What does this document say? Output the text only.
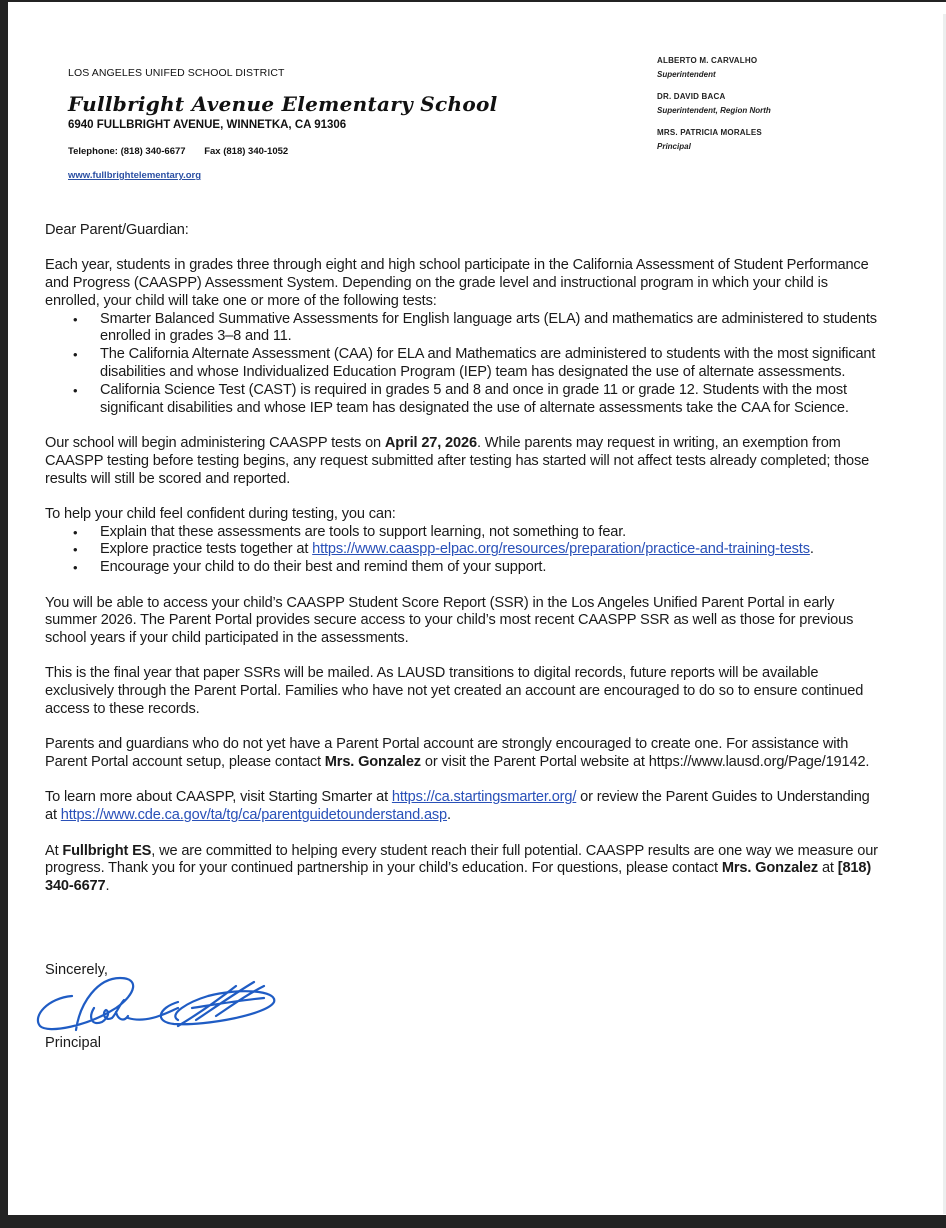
LOS ANGELES UNIFED SCHOOL DISTRICT
Fullbright Avenue Elementary School
6940 FULLBRIGHT AVENUE, WINNETKA, CA 91306
Telephone: (818) 340-6677 Fax (818) 340-1052
www.fullbrightelementary.org
ALBERTO M. CARVALHO
Superintendent
DR. DAVID BACA
Superintendent, Region North
MRS. PATRICIA MORALES
Principal

Dear Parent/Guardian:

Each year, students in grades three through eight and high school participate in the California Assessment of Student Performance and Progress (CAASPP) Assessment System. Depending on the grade level and instructional program in which your child is enrolled, your child will take one or more of the following tests:

• Smarter Balanced Summative Assessments for English language arts (ELA) and mathematics are administered to students enrolled in grades 3–8 and 11.
• The California Alternate Assessment (CAA) for ELA and Mathematics are administered to students with the most significant disabilities and whose Individualized Education Program (IEP) team has designated the use of alternate assessments.
• California Science Test (CAST) is required in grades 5 and 8 and once in grade 11 or grade 12. Students with the most significant disabilities and whose IEP team has designated the use of alternate assessments take the CAA for Science.

Our school will begin administering CAASPP tests on April 27, 2026. While parents may request in writing, an exemption from CAASPP testing before testing begins, any request submitted after testing has started will not affect tests already completed; those results will still be scored and reported.

To help your child feel confident during testing, you can:

• Explain that these assessments are tools to support learning, not something to fear.
• Explore practice tests together at https://www.caaspp-elpac.org/resources/preparation/practice-and-training-tests.
• Encourage your child to do their best and remind them of your support.

You will be able to access your child’s CAASPP Student Score Report (SSR) in the Los Angeles Unified Parent Portal in early summer 2026. The Parent Portal provides secure access to your child’s most recent CAASPP SSR as well as those for previous school years if your child participated in the assessments.

This is the final year that paper SSRs will be mailed. As LAUSD transitions to digital records, future reports will be available exclusively through the Parent Portal. Families who have not yet created an account are encouraged to do so to ensure continued access to these records.

Parents and guardians who do not yet have a Parent Portal account are strongly encouraged to create one. For assistance with Parent Portal account setup, please contact Mrs. Gonzalez or visit the Parent Portal website at https://www.lausd.org/Page/19142.

To learn more about CAASPP, visit Starting Smarter at https://ca.startingsmarter.org/ or review the Parent Guides to Understanding at https://www.cde.ca.gov/ta/tg/ca/parentguidetounderstand.asp.

At Fullbright ES, we are committed to helping every student reach their full potential. CAASPP results are one way we measure our progress. Thank you for your continued partnership in your child’s education. For questions, please contact Mrs. Gonzalez at [818) 340-6677.

Sincerely,
Principal
